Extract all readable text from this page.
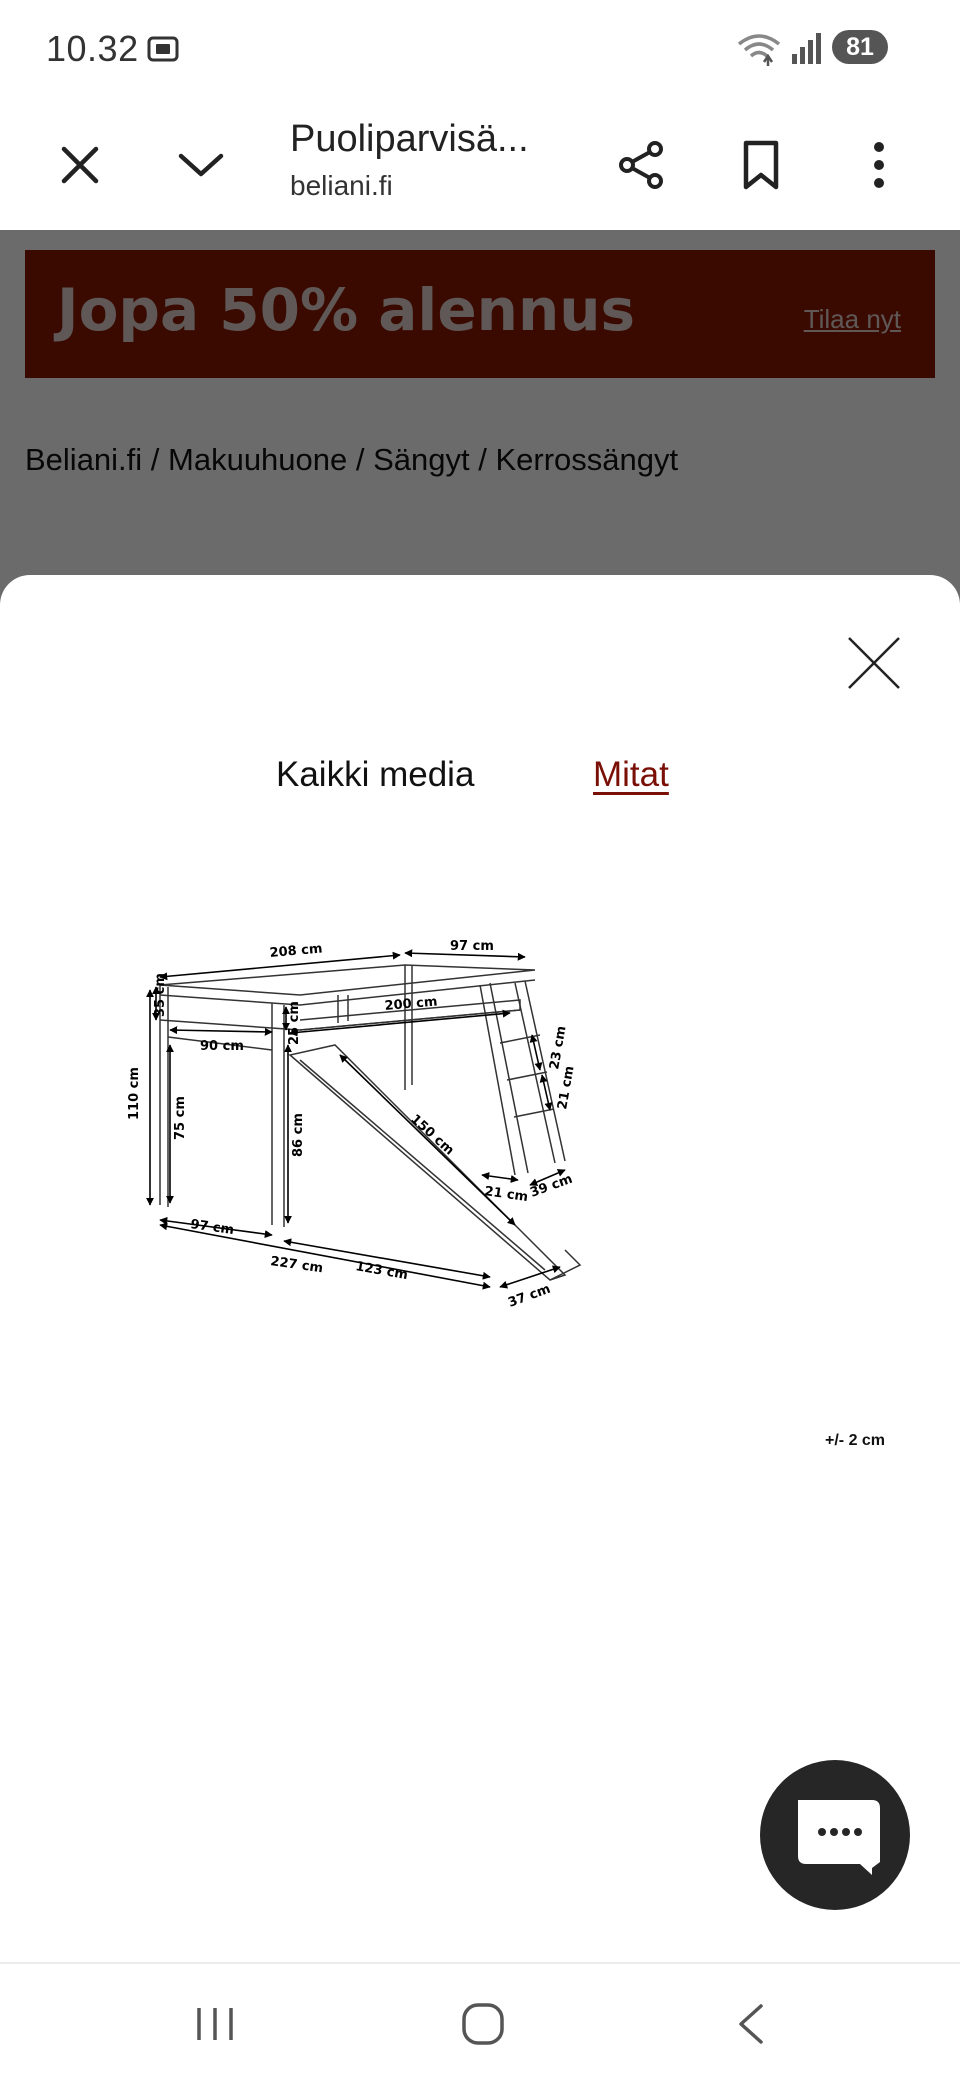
10.32	81
Puoliparvisä...
beliani.fi
Kaikki media	Mitat
208 cm	97 cm
35 cm
25 cm	200 cm
90 cm
110 cm 75 cm	86 cm	150 cm
23 cm
21 cm
21 cm 39 cm
97 cm
227 cm 123 cm
37 cm
+/- 2 cm
